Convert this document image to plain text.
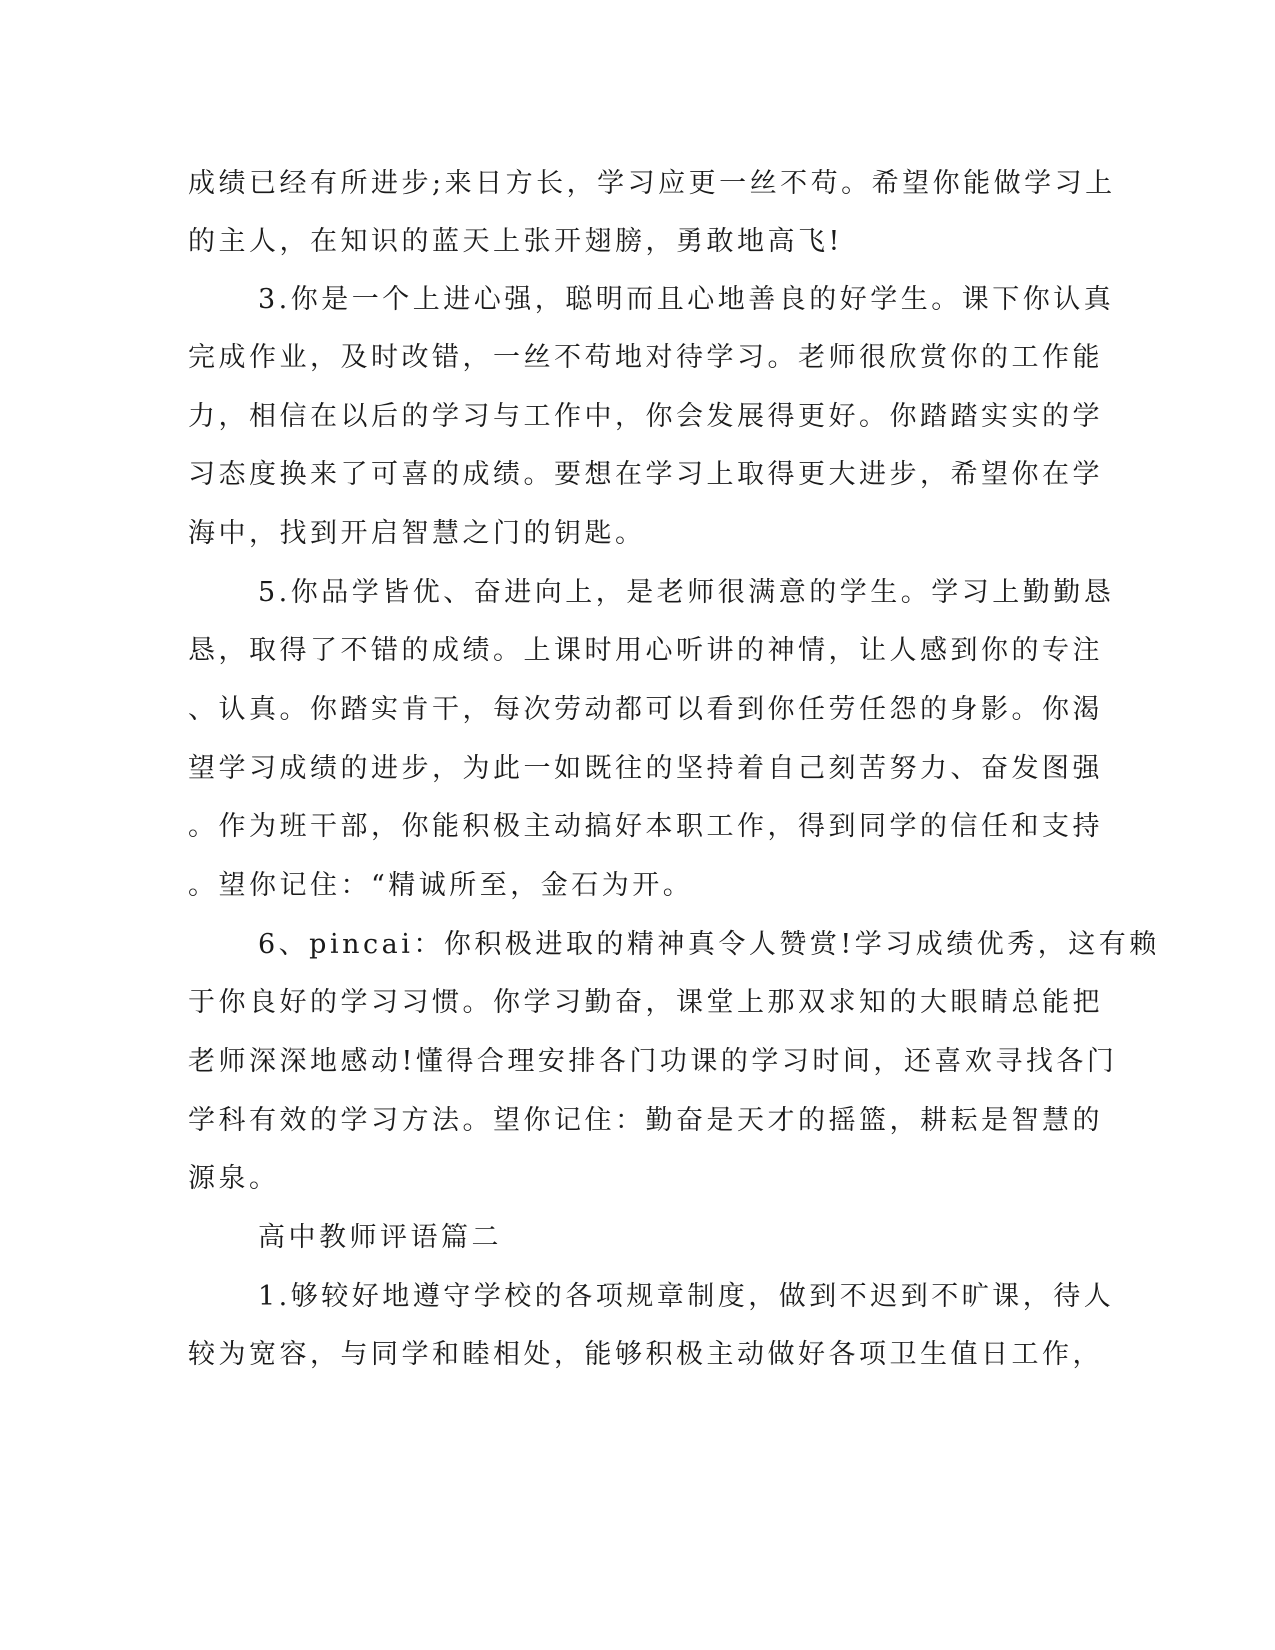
成绩已经有所进步;来日方长，学习应更一丝不苟。希望你能做学习上
的主人，在知识的蓝天上张开翅膀，勇敢地高飞!
3.你是一个上进心强，聪明而且心地善良的好学生。课下你认真
完成作业，及时改错，一丝不苟地对待学习。老师很欣赏你的工作能
力，相信在以后的学习与工作中，你会发展得更好。你踏踏实实的学
习态度换来了可喜的成绩。要想在学习上取得更大进步，希望你在学
海中，找到开启智慧之门的钥匙。
5.你品学皆优、奋进向上，是老师很满意的学生。学习上勤勤恳
恳，取得了不错的成绩。上课时用心听讲的神情，让人感到你的专注
、认真。你踏实肯干，每次劳动都可以看到你任劳任怨的身影。你渴
望学习成绩的进步，为此一如既往的坚持着自己刻苦努力、奋发图强
。作为班干部，你能积极主动搞好本职工作，得到同学的信任和支持
。望你记住：“精诚所至，金石为开。
6、pincai：你积极进取的精神真令人赞赏!学习成绩优秀，这有赖
于你良好的学习习惯。你学习勤奋，课堂上那双求知的大眼睛总能把
老师深深地感动!懂得合理安排各门功课的学习时间，还喜欢寻找各门
学科有效的学习方法。望你记住：勤奋是天才的摇篮，耕耘是智慧的
源泉。
高中教师评语篇二
1.够较好地遵守学校的各项规章制度，做到不迟到不旷课，待人
较为宽容，与同学和睦相处，能够积极主动做好各项卫生值日工作，
